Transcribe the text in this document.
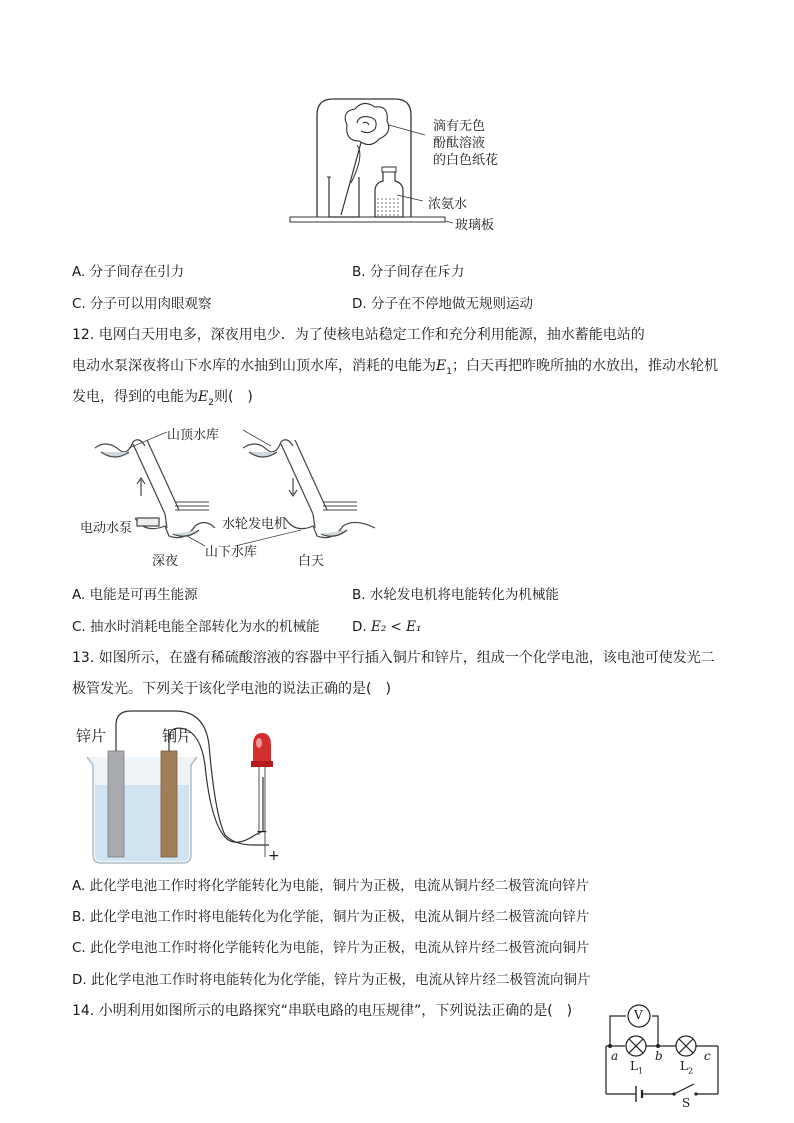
滴有无色
酚酞溶液
的白色纸花
浓氨水
玻璃板
A. 分子间存在引力	B. 分子间存在斥力
C. 分子可以用肉眼观察	D. 分子在不停地做无规则运动
12. 电网白天用电多，深夜用电少．为了使核电站稳定工作和充分利用能源，抽水蓄能电站的
电动水泵深夜将山下水库的水抽到山顶水库，消耗的电能为$E_1$；白天再把昨晚所抽的水放出，推动水轮机
发电，得到的电能为$E_2$则(　)
山顶水库
电动水泵	水轮发电机
山下水库
深夜	白天
A. 电能是可再生能源	B. 水轮发电机将电能转化为机械能
C. 抽水时消耗电能全部转化为水的机械能 D. E₂ < E₁
13. 如图所示，在盛有稀硫酸溶液的容器中平行插入铜片和锌片，组成一个化学电池，该电池可使发光二
极管发光。下列关于该化学电池的说法正确的是(　)
锌片	铜片
−
+
A. 此化学电池工作时将化学能转化为电能，铜片为正极，电流从铜片经二极管流向锌片
B. 此化学电池工作时将电能转化为化学能，铜片为正极，电流从铜片经二极管流向锌片
C. 此化学电池工作时将化学能转化为电能，锌片为正极，电流从锌片经二极管流向铜片
D. 此化学电池工作时将电能转化为化学能，锌片为正极，电流从锌片经二极管流向铜片
14. 小明利用如图所示的电路探究“串联电路的电压规律”，下列说法正确的是(　)	V
a	b	c
$L_1$	$L_2$
S
